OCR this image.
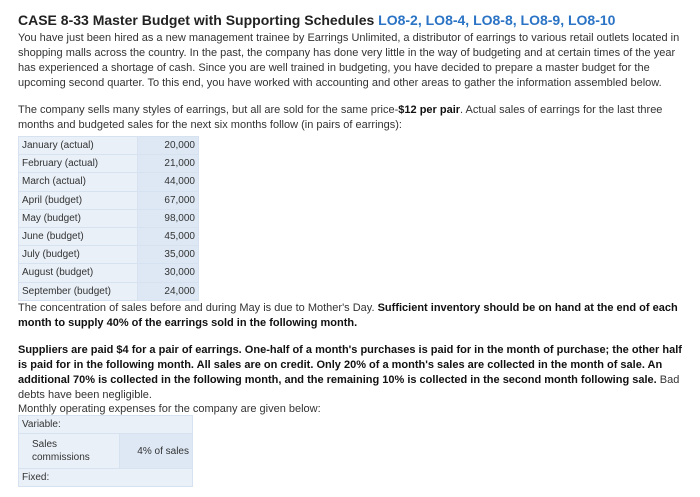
CASE 8-33 Master Budget with Supporting Schedules LO8-2, LO8-4, LO8-8, LO8-9, LO8-10

You have just been hired as a new management trainee by Earrings Unlimited, a distributor of earrings to various retail outlets located in shopping malls across the country. In the past, the company has done very little in the way of budgeting and at certain times of the year has experienced a shortage of cash. Since you are well trained in budgeting, you have decided to prepare a master budget for the upcoming second quarter. To this end, you have worked with accounting and other areas to gather the information assembled below.

The company sells many styles of earrings, but all are sold for the same price-$12 per pair. Actual sales of earrings for the last three months and budgeted sales for the next six months follow (in pairs of earrings):

January (actual)	20,000
February (actual)	21,000
March (actual)	44,000
April (budget)	67,000
May (budget)	98,000
June (budget)	45,000
July (budget)	35,000
August (budget)	30,000
September (budget)	24,000

The concentration of sales before and during May is due to Mother's Day. Sufficient inventory should be on hand at the end of each month to supply 40% of the earrings sold in the following month.

Suppliers are paid $4 for a pair of earrings. One-half of a month's purchases is paid for in the month of purchase; the other half is paid for in the following month. All sales are on credit. Only 20% of a month's sales are collected in the month of sale. An additional 70% is collected in the following month, and the remaining 10% is collected in the second month following sale. Bad debts have been negligible.

Monthly operating expenses for the company are given below:

Variable:
Sales commissions	4% of sales
Fixed:
